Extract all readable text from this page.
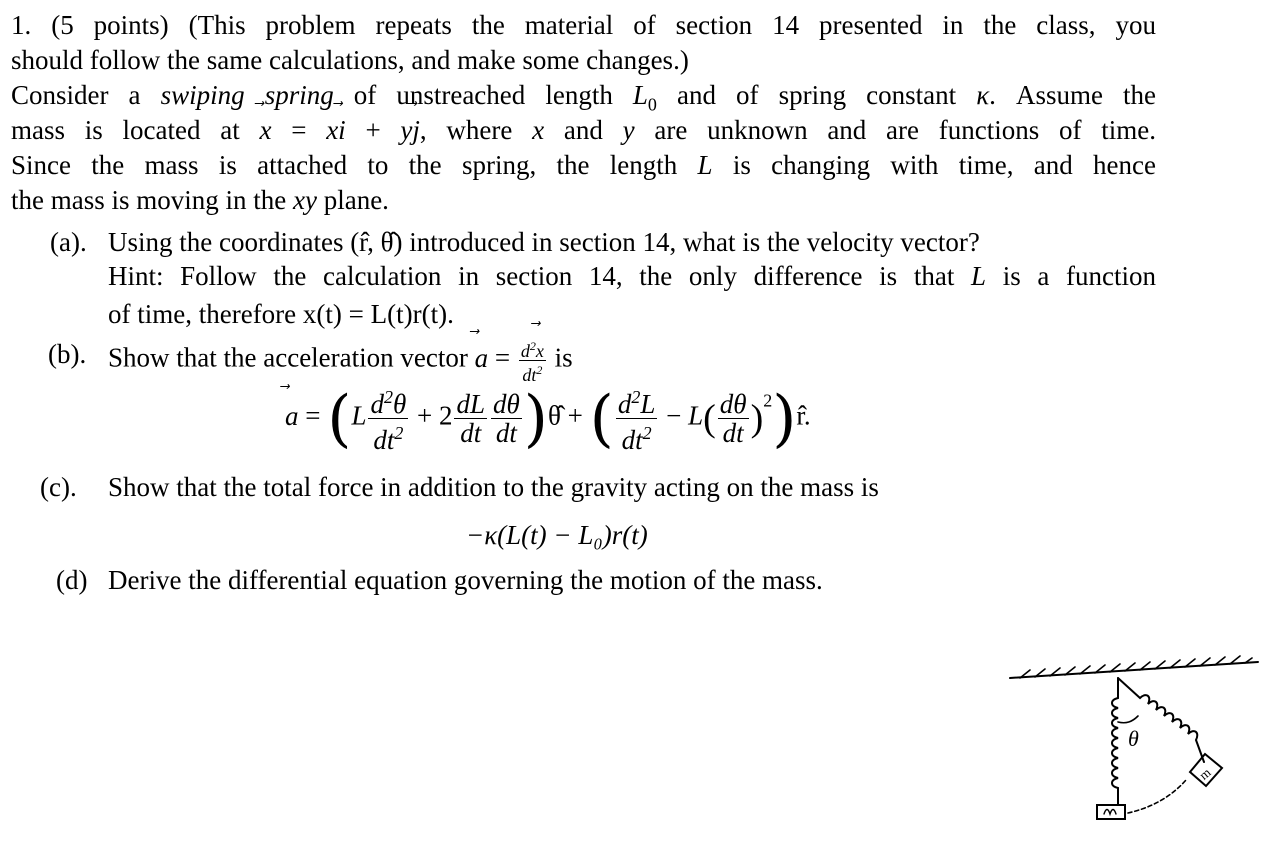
1. (5 points) (This problem repeats the material of section 14 presented in the class, you
should follow the same calculations, and make some changes.)
Consider a swiping spring of unstreached length $L_0$ and of spring constant κ. Assume the
mass is located at x ⃗ = xi ⃗ + yj ⃗, where x and y are unknown and are functions of time.
Since the mass is attached to the spring, the length L is changing with time, and hence
the mass is moving in the xy plane.
(a). Using the coordinates (r̂, θ̂) introduced in section 14, what is the velocity vector?
Hint: Follow the calculation in section 14, the only difference is that L is a function
of time, therefore x(t) = L(t)r(t).
(b). Show that the acceleration vector a ⃗ = $\frac{d^2x ⃗}{dt^2}$ is
a ⃗ = ($L \frac{d^2\theta}{dt^2} + 2 \frac{dL}{dt} \frac{d\theta}{dt}$ )θ̂ + ( $\frac{d^2L}{dt^2} - L( \frac{d\theta}{dt}$ )$^2)r̂$.
(c). Show that the total force in addition to the gravity acting on the mass is
−κ(L(t) − L₀)r(t)
(d) Derive the differential equation governing the motion of the mass.
θ
m
